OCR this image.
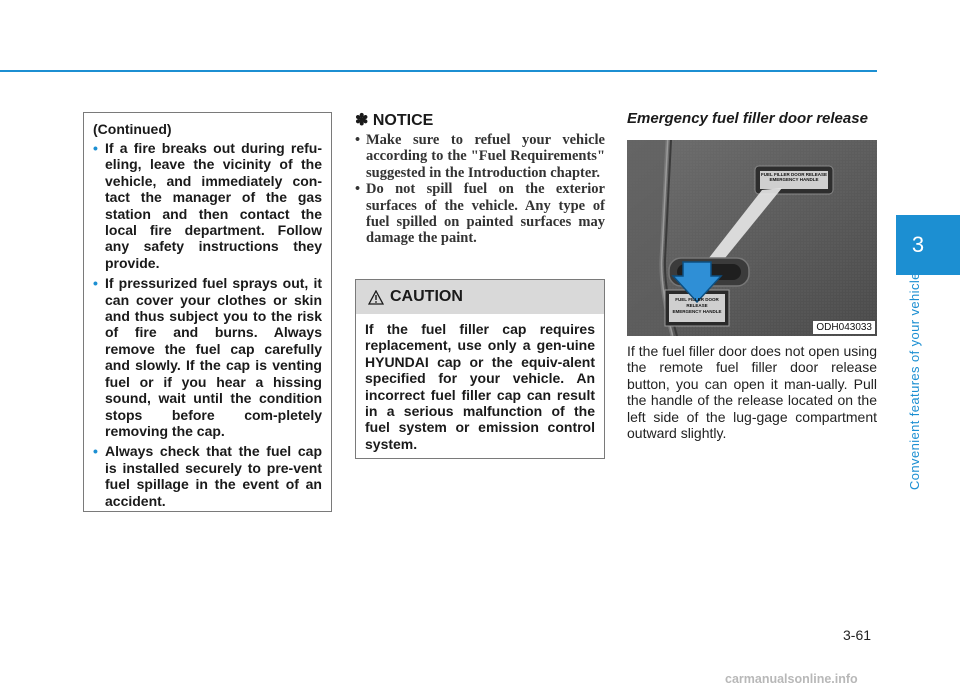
3
Convenient features of your vehicle

(Continued)

• If a fire breaks out during refu-eling, leave the vicinity of the vehicle, and immediately con-tact the manager of the gas station and then contact the local fire department. Follow any safety instructions they provide.
• If pressurized fuel sprays out, it can cover your clothes or skin and thus subject you to the risk of fire and burns. Always remove the fuel cap carefully and slowly. If the cap is venting fuel or if you hear a hissing sound, wait until the condition stops before com-pletely removing the cap.
• Always check that the fuel cap is installed securely to pre-vent fuel spillage in the event of an accident.
✽ NOTICE
• Make sure to refuel your vehicle according to the "Fuel Requirements" suggested in the Introduction chapter.
• Do not spill fuel on the exterior surfaces of the vehicle. Any type of fuel spilled on painted surfaces may damage the paint.
CAUTION
If the fuel filler cap requires replacement, use only a gen-uine HYUNDAI cap or the equiv-alent specified for your vehicle. An incorrect fuel filler cap can result in a serious malfunction of the fuel system or emission control system.
Emergency fuel filler door release
ODH043033
FUEL FILLER DOOR RELEASE
EMERGENCY HANDLE
FUEL FILLER DOOR RELEASE
EMERGENCY HANDLE
If the fuel filler door does not open using the remote fuel filler door release button, you can open it man-ually. Pull the handle of the release located on the left side of the lug-gage compartment outward slightly.
3-61
carmanualsonline.info
